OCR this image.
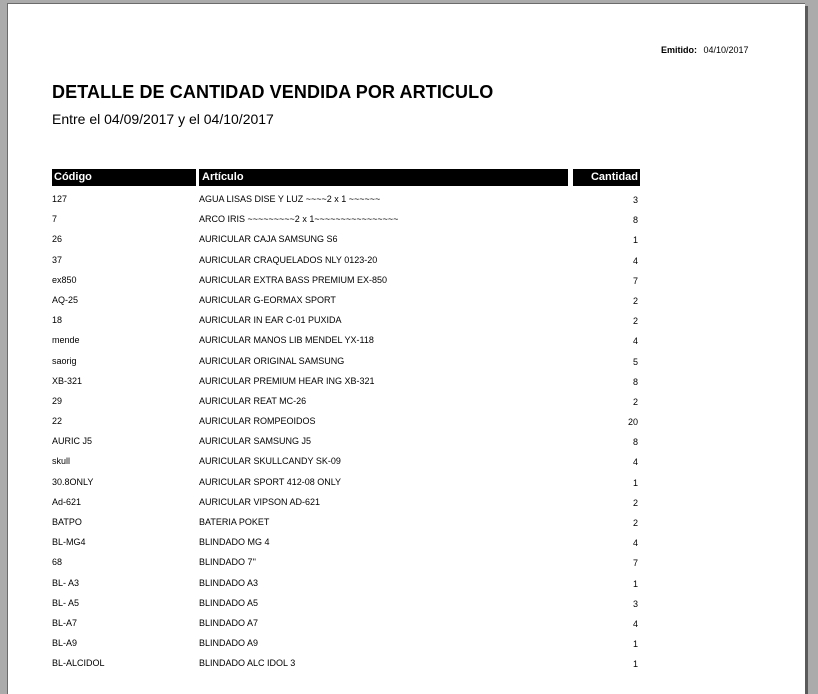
Emitido: 04/10/2017
DETALLE DE CANTIDAD VENDIDA POR ARTICULO
Entre el 04/09/2017 y el 04/10/2017
Código	Artículo	Cantidad
127	AGUA LISAS DISE Y LUZ ~~~~2 x 1 ~~~~~~	3
7	ARCO IRIS ~~~~~~~~~2 x 1~~~~~~~~~~~~~~~~	8
26	AURICULAR CAJA SAMSUNG S6	1
37	AURICULAR CRAQUELADOS NLY 0123-20	4
ex850	AURICULAR EXTRA BASS PREMIUM EX-850	7
AQ-25	AURICULAR G-EORMAX SPORT	2
18	AURICULAR IN EAR C-01 PUXIDA	2
mende	AURICULAR MANOS LIB MENDEL YX-118	4
saorig	AURICULAR ORIGINAL SAMSUNG	5
XB-321	AURICULAR PREMIUM HEAR ING XB-321	8
29	AURICULAR REAT MC-26	2
22	AURICULAR ROMPEOIDOS	20
AURIC J5	AURICULAR SAMSUNG J5	8
skull	AURICULAR SKULLCANDY SK-09	4
30.8ONLY	AURICULAR SPORT 412-08 ONLY	1
Ad-621	AURICULAR VIPSON AD-621	2
BATPO	BATERIA POKET	2
BL-MG4	BLINDADO MG 4	4
68	BLINDADO 7''	7
BL- A3	BLINDADO A3	1
BL- A5	BLINDADO A5	3
BL-A7	BLINDADO A7	4
BL-A9	BLINDADO A9	1
BL-ALCIDOL	BLINDADO ALC IDOL 3	1
